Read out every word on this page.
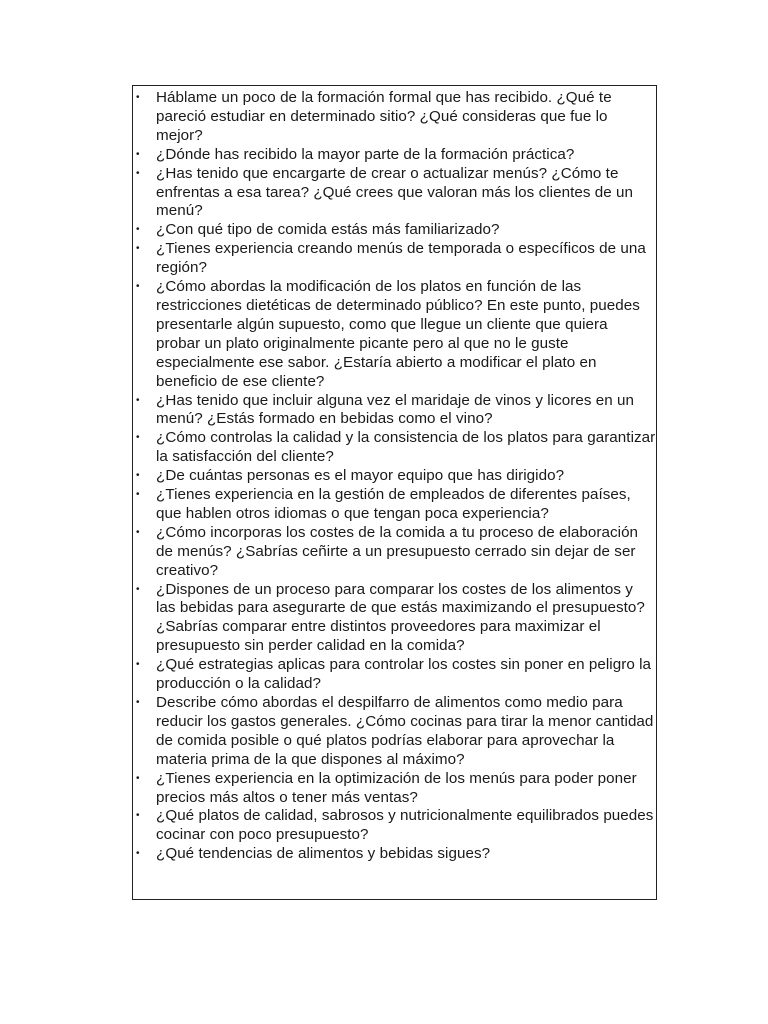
• Háblame un poco de la formación formal que has recibido. ¿Qué te pareció estudiar en determinado sitio? ¿Qué consideras que fue lo mejor?
• ¿Dónde has recibido la mayor parte de la formación práctica?
• ¿Has tenido que encargarte de crear o actualizar menús? ¿Cómo te enfrentas a esa tarea? ¿Qué crees que valoran más los clientes de un menú?
• ¿Con qué tipo de comida estás más familiarizado?
• ¿Tienes experiencia creando menús de temporada o específicos de una región?
• ¿Cómo abordas la modificación de los platos en función de las restricciones dietéticas de determinado público? En este punto, puedes presentarle algún supuesto, como que llegue un cliente que quiera probar un plato originalmente picante pero al que no le guste especialmente ese sabor. ¿Estaría abierto a modificar el plato en beneficio de ese cliente?
• ¿Has tenido que incluir alguna vez el maridaje de vinos y licores en un menú? ¿Estás formado en bebidas como el vino?
• ¿Cómo controlas la calidad y la consistencia de los platos para garantizar la satisfacción del cliente?
• ¿De cuántas personas es el mayor equipo que has dirigido?
• ¿Tienes experiencia en la gestión de empleados de diferentes países, que hablen otros idiomas o que tengan poca experiencia?
• ¿Cómo incorporas los costes de la comida a tu proceso de elaboración de menús? ¿Sabrías ceñirte a un presupuesto cerrado sin dejar de ser creativo?
• ¿Dispones de un proceso para comparar los costes de los alimentos y las bebidas para asegurarte de que estás maximizando el presupuesto? ¿Sabrías comparar entre distintos proveedores para maximizar el presupuesto sin perder calidad en la comida?
• ¿Qué estrategias aplicas para controlar los costes sin poner en peligro la producción o la calidad?
• Describe cómo abordas el despilfarro de alimentos como medio para reducir los gastos generales. ¿Cómo cocinas para tirar la menor cantidad de comida posible o qué platos podrías elaborar para aprovechar la materia prima de la que dispones al máximo?
• ¿Tienes experiencia en la optimización de los menús para poder poner precios más altos o tener más ventas?
• ¿Qué platos de calidad, sabrosos y nutricionalmente equilibrados puedes cocinar con poco presupuesto?
• ¿Qué tendencias de alimentos y bebidas sigues?
